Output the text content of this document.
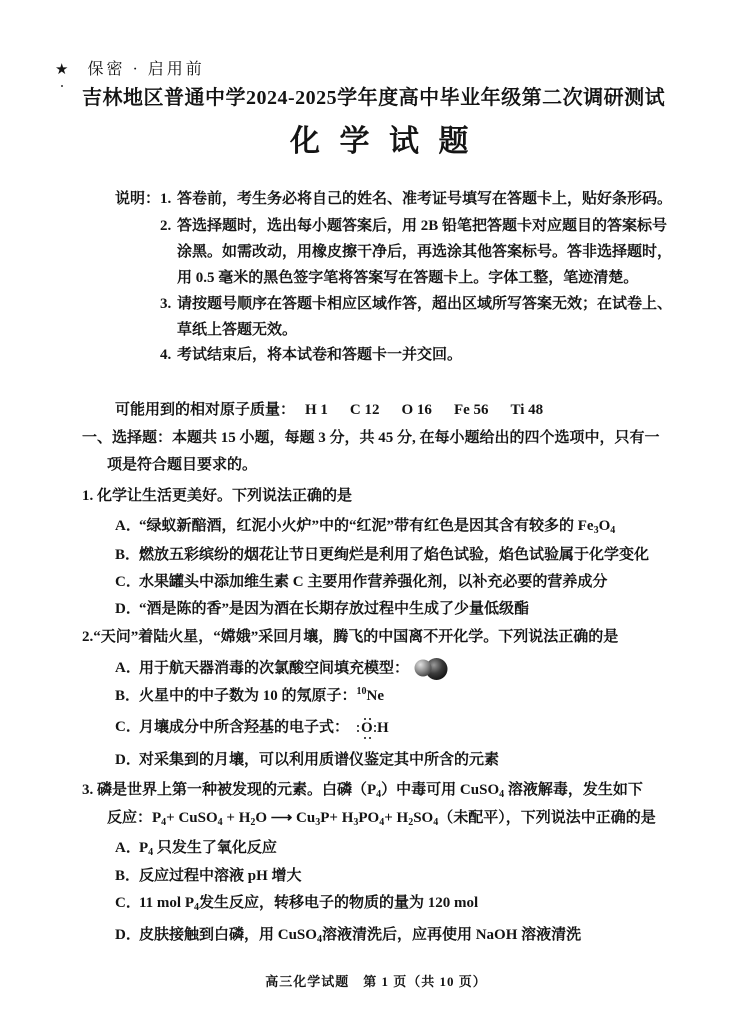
★ 保密 · 启用前
吉林地区普通中学2024-2025学年度高中毕业年级第二次调研测试
化 学 试 题
说明： 1. 答卷前，考生务必将自己的姓名、准考证号填写在答题卡上，贴好条形码。
2. 答选择题时，选出每小题答案后，用 2B 铅笔把答题卡对应题目的答案标号
涂黑。如需改动，用橡皮擦干净后，再选涂其他答案标号。答非选择题时，
用 0.5 毫米的黑色签字笔将答案写在答题卡上。字体工整，笔迹清楚。
3. 请按题号顺序在答题卡相应区域作答，超出区域所写答案无效；在试卷上、
草纸上答题无效。
4. 考试结束后，将本试卷和答题卡一并交回。
可能用到的相对原子质量： H 1 C 12 O 16 Fe 56 Ti 48
一、选择题：本题共 15 小题，每题 3 分，共 45 分, 在每小题给出的四个选项中，只有一
项是符合题目要求的。
1. 化学让生活更美好。下列说法正确的是
A．“绿蚁新醅酒，红泥小火炉”中的“红泥”带有红色是因其含有较多的 $Fe_3O_4$
B．燃放五彩缤纷的烟花让节日更绚烂是利用了焰色试验，焰色试验属于化学变化
C．水果罐头中添加维生素 C 主要用作营养强化剂，以补充必要的营养成分
D．“酒是陈的香”是因为酒在长期存放过程中生成了少量低级酯
2.“天问”着陆火星，“嫦娥”采回月壤，腾飞的中国离不开化学。下列说法正确的是
A．用于航天器消毒的次氯酸空间填充模型：
B．火星中的中子数为 10 的氖原子：$^{10}$Ne
C．月壤成分中所含羟基的电子式： O H
D．对采集到的月壤，可以利用质谱仪鉴定其中所含的元素
3. 磷是世界上第一种被发现的元素。白磷$(P_4)$中毒可用 CuSO$_4$ 溶液解毒，发生如下
反应：$P_4+$ CuSO$_4$ + $H_2O$ ⟶ $Cu_3P+ H_3PO_4+ H_2SO_4$（未配平），下列说法中正确的是
A．$P_4$ 只发生了氧化反应
B．反应过程中溶液 pH 增大
C．11 mol $P_4$发生反应，转移电子的物质的量为 120 mol
D．皮肤接触到白磷，用 CuSO$_4$溶液清洗后，应再使用 NaOH 溶液清洗
高三化学试题 第 1 页（共 10 页）
